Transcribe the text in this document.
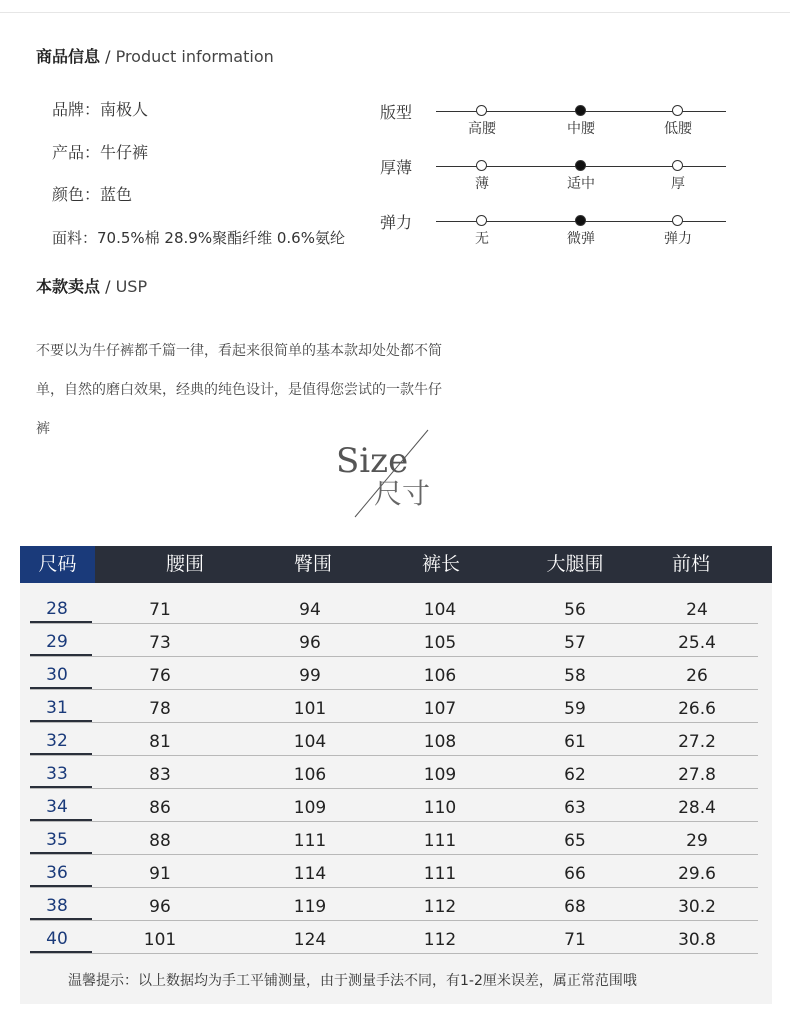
商品信息 / Product information
品牌：南极人
产品：牛仔裤
颜色：蓝色
面料：70.5%棉 28.9%聚酯纤维 0.6%氨纶
版型
高腰	中腰	低腰
厚薄
薄	适中	厚
弹力
无	微弹	弹力
本款卖点 / USP
不要以为牛仔裤都千篇一律，看起来很简单的基本款却处处都不简
单，自然的磨白效果，经典的纯色设计，是值得您尝试的一款牛仔
裤
Size
尺寸
尺码	腰围	臀围	裤长	大腿围	前档
28	71	94	104	56	24
29	73	96	105	57	25.4
30	76	99	106	58	26
31	78	101	107	59	26.6
32	81	104	108	61	27.2
33	83	106	109	62	27.8
34	86	109	110	63	28.4
35	88	111	111	65	29
36	91	114	111	66	29.6
38	96	119	112	68	30.2
40	101	124	112	71	30.8
温馨提示：以上数据均为手工平铺测量，由于测量手法不同，有1-2厘米误差，属正常范围哦
